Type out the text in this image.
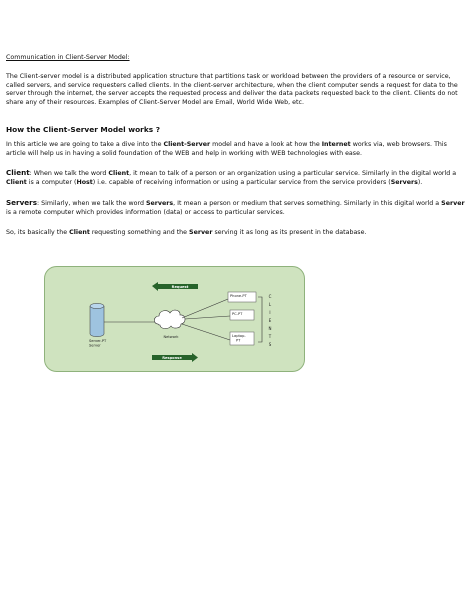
Communication in Client-Server Model:
The Client-server model is a distributed application structure that partitions task or workload between the providers of a resource or service, called servers, and service requesters called clients. In the client-server architecture, when the client computer sends a request for data to the server through the internet, the server accepts the requested process and deliver the data packets requested back to the client. Clients do not share any of their resources. Examples of Client-Server Model are Email, World Wide Web, etc.
How the Client-Server Model works ?
In this article we are going to take a dive into the Client-Server model and have a look at how the Internet works via, web browsers. This article will help us in having a solid foundation of the WEB and help in working with WEB technologies with ease.
Client: When we talk the word Client, it mean to talk of a person or an organization using a particular service. Similarly in the digital world a Client is a computer (Host) i.e. capable of receiving information or using a particular service from the service providers (Servers).
Servers: Similarly, when we talk the word Servers, It mean a person or medium that serves something. Similarly in this digital world a Server is a remote computer which provides information (data) or access to particular services.
So, its basically the Client requesting something and the Server serving it as long as its present in the database.
Request
Response
Server-PT
Server
Network
Phone-PT
PC-PT
Laptop-
PT
C
L
I
E
N
T
S
